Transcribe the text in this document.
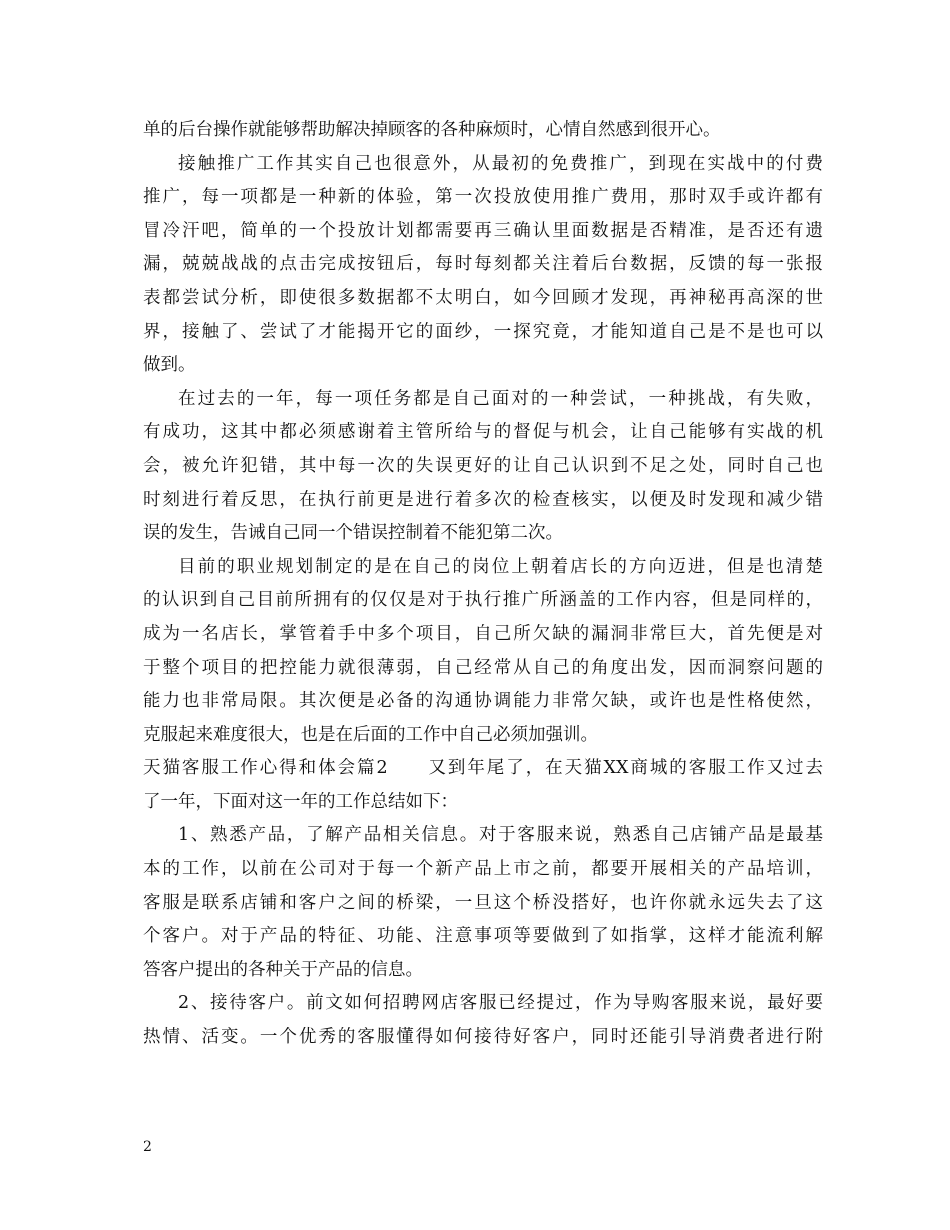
单的后台操作就能够帮助解决掉顾客的各种麻烦时，心情自然感到很开心。
接触推广工作其实自己也很意外，从最初的免费推广，到现在实战中的付费
推广，每一项都是一种新的体验，第一次投放使用推广费用，那时双手或许都有
冒冷汗吧，简单的一个投放计划都需要再三确认里面数据是否精准，是否还有遗
漏，兢兢战战的点击完成按钮后，每时每刻都关注着后台数据，反馈的每一张报
表都尝试分析，即使很多数据都不太明白，如今回顾才发现，再神秘再高深的世
界，接触了、尝试了才能揭开它的面纱，一探究竟，才能知道自己是不是也可以
做到。
在过去的一年，每一项任务都是自己面对的一种尝试，一种挑战，有失败，
有成功，这其中都必须感谢着主管所给与的督促与机会，让自己能够有实战的机
会，被允许犯错，其中每一次的失误更好的让自己认识到不足之处，同时自己也
时刻进行着反思，在执行前更是进行着多次的检查核实，以便及时发现和减少错
误的发生，告诫自己同一个错误控制着不能犯第二次。
目前的职业规划制定的是在自己的岗位上朝着店长的方向迈进，但是也清楚
的认识到自己目前所拥有的仅仅是对于执行推广所涵盖的工作内容，但是同样的，
成为一名店长，掌管着手中多个项目，自己所欠缺的漏洞非常巨大，首先便是对
于整个项目的把控能力就很薄弱，自己经常从自己的角度出发，因而洞察问题的
能力也非常局限。其次便是必备的沟通协调能力非常欠缺，或许也是性格使然，
克服起来难度很大，也是在后面的工作中自己必须加强训。
天猫客服工作心得和体会篇2　　又到年尾了，在天猫XX商城的客服工作又过去
了一年，下面对这一年的工作总结如下：
1、熟悉产品，了解产品相关信息。对于客服来说，熟悉自己店铺产品是最基
本的工作，以前在公司对于每一个新产品上市之前，都要开展相关的产品培训，
客服是联系店铺和客户之间的桥梁，一旦这个桥没搭好，也许你就永远失去了这
个客户。对于产品的特征、功能、注意事项等要做到了如指掌，这样才能流利解
答客户提出的各种关于产品的信息。
2、接待客户。前文如何招聘网店客服已经提过，作为导购客服来说，最好要
热情、活变。一个优秀的客服懂得如何接待好客户，同时还能引导消费者进行附
2
